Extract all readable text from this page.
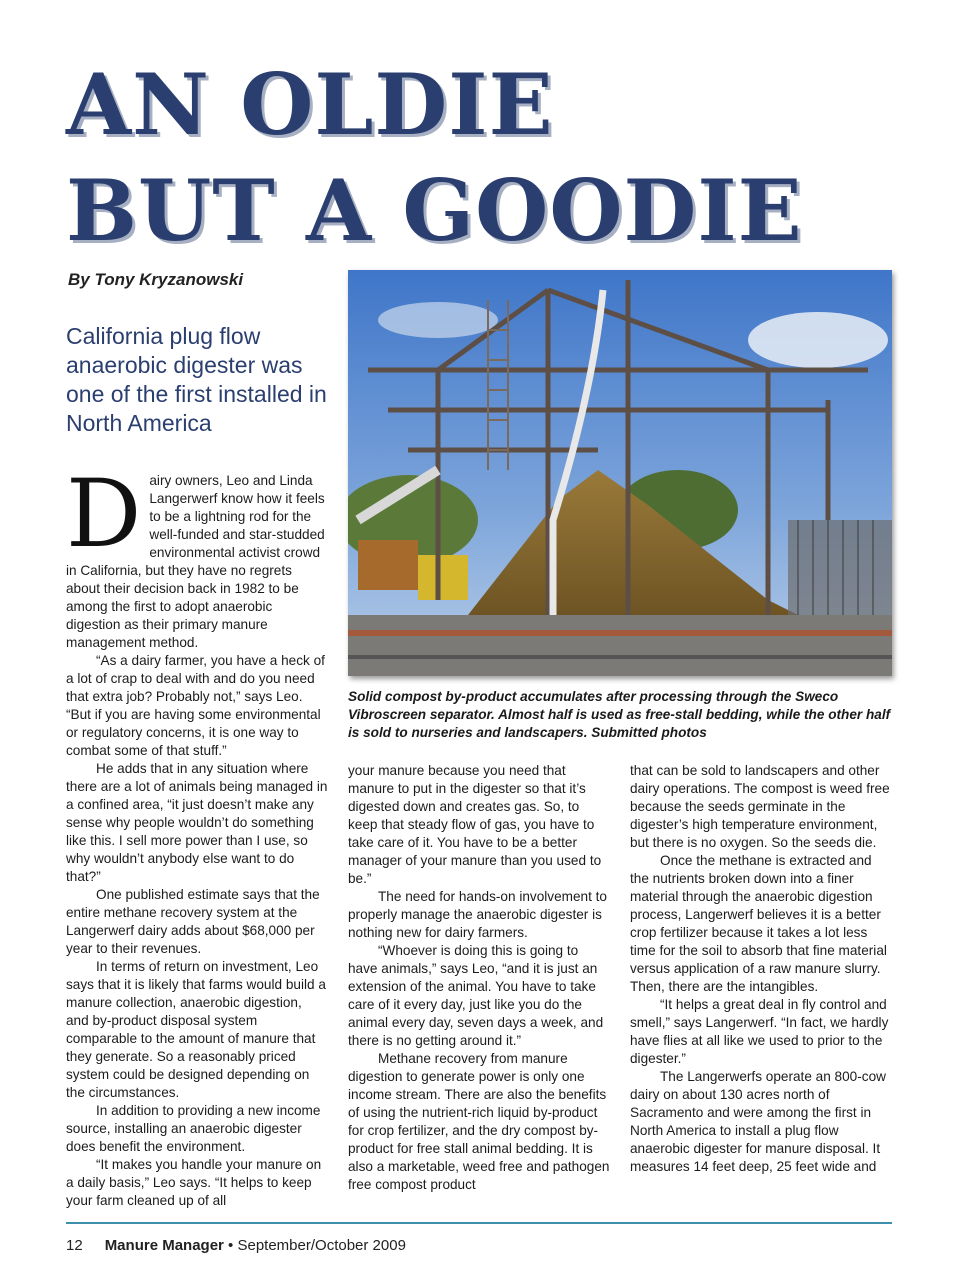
AN OLDIE
BUT A GOODIE
By Tony Kryzanowski
California plug flow anaerobic digester was one of the first installed in North America
Solid compost by-product accumulates after processing through the Sweco Vibroscreen separator. Almost half is used as free-stall bedding, while the other half is sold to nurseries and landscapers. Submitted photos

Dairy owners, Leo and Linda Langerwerf know how it feels to be a lightning rod for the well-funded and star-studded environmental activist crowd in California, but they have no regrets about their decision back in 1982 to be among the first to adopt anaerobic digestion as their primary manure management method.

“As a dairy farmer, you have a heck of a lot of crap to deal with and do you need that extra job? Probably not,” says Leo. “But if you are having some environmental or regulatory concerns, it is one way to combat some of that stuff.”

He adds that in any situation where there are a lot of animals being managed in a confined area, “it just doesn’t make any sense why people wouldn’t do something like this. I sell more power than I use, so why wouldn’t anybody else want to do that?”

One published estimate says that the entire methane recovery system at the Langerwerf dairy adds about $68,000 per year to their revenues.

In terms of return on investment, Leo says that it is likely that farms would build a manure collection, anaerobic digestion, and by-product disposal system comparable to the amount of manure that they generate. So a reasonably priced system could be designed depending on the circumstances.

In addition to providing a new income source, installing an anaerobic digester does benefit the environment.

“It makes you handle your manure on a daily basis,” Leo says. “It helps to keep your farm cleaned up of all

your manure because you need that manure to put in the digester so that it’s digested down and creates gas. So, to keep that steady flow of gas, you have to take care of it. You have to be a better manager of your manure than you used to be.”

The need for hands-on involvement to properly manage the anaerobic digester is nothing new for dairy farmers.

“Whoever is doing this is going to have animals,” says Leo, “and it is just an extension of the animal. You have to take care of it every day, just like you do the animal every day, seven days a week, and there is no getting around it.”

Methane recovery from manure digestion to generate power is only one income stream. There are also the benefits of using the nutrient-rich liquid by-product for crop fertilizer, and the dry compost by-product for free stall animal bedding. It is also a marketable, weed free and pathogen free compost product

that can be sold to landscapers and other dairy operations. The compost is weed free because the seeds germinate in the digester’s high temperature environment, but there is no oxygen. So the seeds die.

Once the methane is extracted and the nutrients broken down into a finer material through the anaerobic digestion process, Langerwerf believes it is a better crop fertilizer because it takes a lot less time for the soil to absorb that fine material versus application of a raw manure slurry. Then, there are the intangibles.

“It helps a great deal in fly control and smell,” says Langerwerf. “In fact, we hardly have flies at all like we used to prior to the digester.”

The Langerwerfs operate an 800-cow dairy on about 130 acres north of Sacramento and were among the first in North America to install a plug flow anaerobic digester for manure disposal. It measures 14 feet deep, 25 feet wide and

12 Manure Manager • September/October 2009
